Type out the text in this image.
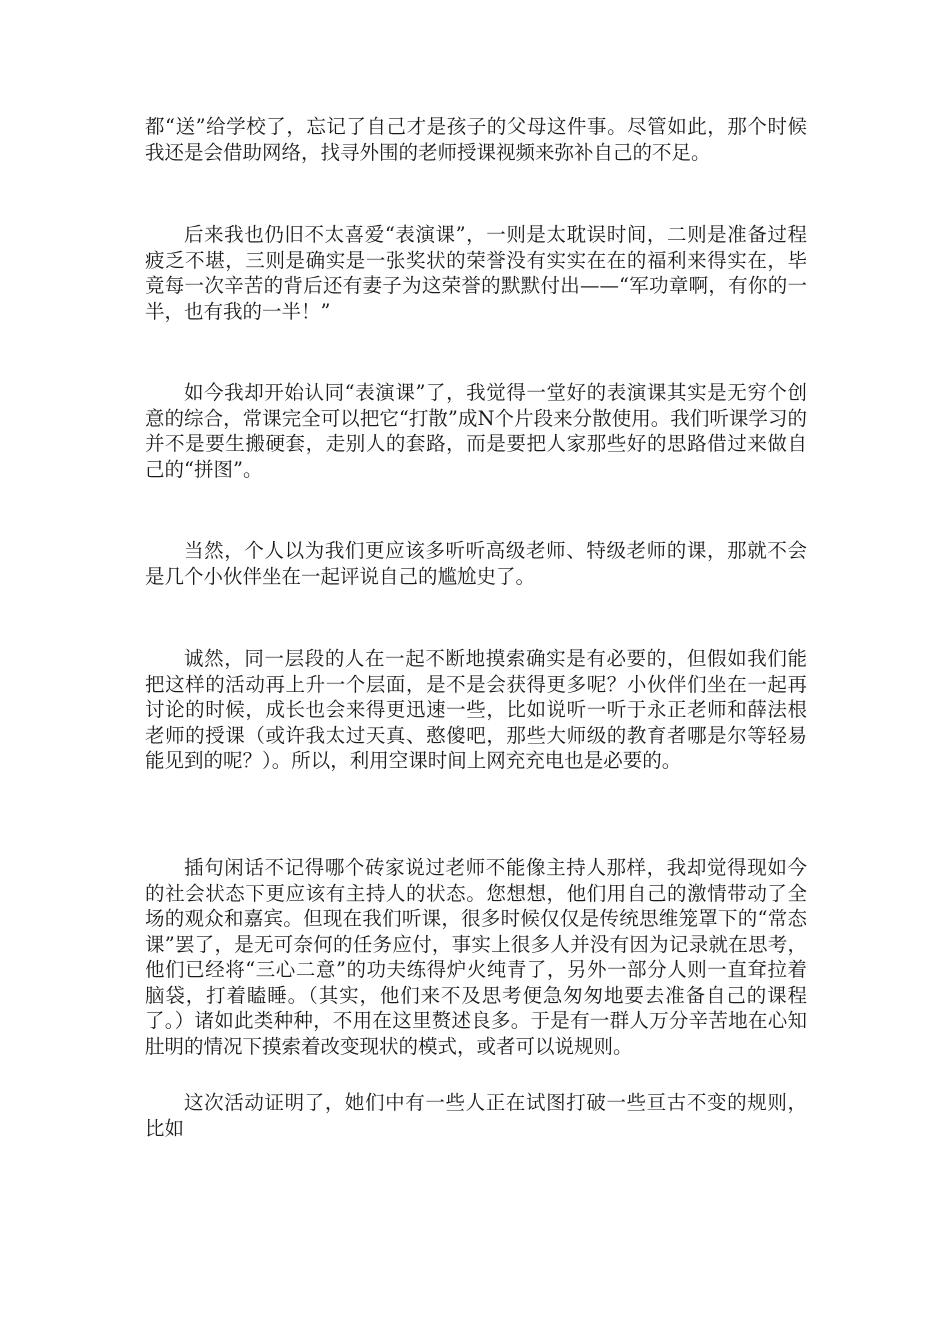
都“送”给学校了，忘记了自己才是孩子的父母这件事。尽管如此，那个时候我还是会借助网络，找寻外围的老师授课视频来弥补自己的不足。

后来我也仍旧不太喜爱“表演课”，一则是太耽误时间，二则是准备过程疲乏不堪，三则是确实是一张奖状的荣誉没有实实在在的福利来得实在，毕竟每一次辛苦的背后还有妻子为这荣誉的默默付出——“军功章啊，有你的一半，也有我的一半！”

如今我却开始认同“表演课”了，我觉得一堂好的表演课其实是无穷个创意的综合，常课完全可以把它“打散”成N个片段来分散使用。我们听课学习的并不是要生搬硬套，走别人的套路，而是要把人家那些好的思路借过来做自己的“拼图”。

当然，个人以为我们更应该多听听高级老师、特级老师的课，那就不会是几个小伙伴坐在一起评说自己的尴尬史了。

诚然，同一层段的人在一起不断地摸索确实是有必要的，但假如我们能把这样的活动再上升一个层面，是不是会获得更多呢？小伙伴们坐在一起再讨论的时候，成长也会来得更迅速一些，比如说听一听于永正老师和薛法根老师的授课（或许我太过天真、憨傻吧，那些大师级的教育者哪是尔等轻易能见到的呢？）。所以，利用空课时间上网充充电也是必要的。

插句闲话不记得哪个砖家说过老师不能像主持人那样，我却觉得现如今的社会状态下更应该有主持人的状态。您想想，他们用自己的激情带动了全场的观众和嘉宾。但现在我们听课，很多时候仅仅是传统思维笼罩下的“常态课”罢了，是无可奈何的任务应付，事实上很多人并没有因为记录就在思考，他们已经将“三心二意”的功夫练得炉火纯青了，另外一部分人则一直耷拉着脑袋，打着瞌睡。（其实，他们来不及思考便急匆匆地要去准备自己的课程了。）诸如此类种种，不用在这里赘述良多。于是有一群人万分辛苦地在心知肚明的情况下摸索着改变现状的模式，或者可以说规则。

这次活动证明了，她们中有一些人正在试图打破一些亘古不变的规则，比如
